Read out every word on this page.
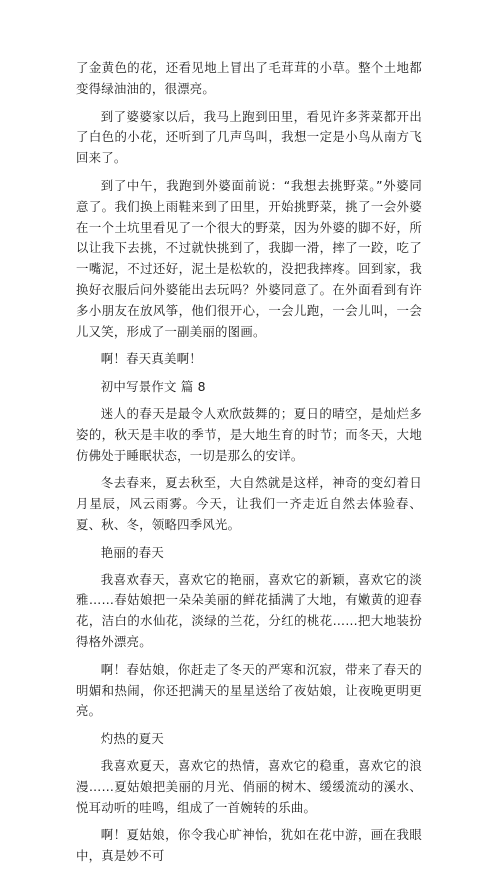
了金黄色的花，还看见地上冒出了毛茸茸的小草。整个土地都变得绿油油的，很漂亮。

到了婆婆家以后，我马上跑到田里，看见许多荠菜都开出了白色的小花，还听到了几声鸟叫，我想一定是小鸟从南方飞回来了。

到了中午，我跑到外婆面前说：“我想去挑野菜。”外婆同意了。我们换上雨鞋来到了田里，开始挑野菜，挑了一会外婆在一个土坑里看见了一个很大的野菜，因为外婆的脚不好，所以让我下去挑，不过就快挑到了，我脚一滑，摔了一跤，吃了一嘴泥，不过还好，泥土是松软的，没把我摔疼。回到家，我换好衣服后问外婆能出去玩吗？外婆同意了。在外面看到有许多小朋友在放风筝，他们很开心，一会儿跑，一会儿叫，一会儿又笑，形成了一副美丽的图画。

啊！春天真美啊！

初中写景作文 篇 8

迷人的春天是最令人欢欣鼓舞的；夏日的晴空，是灿烂多姿的，秋天是丰收的季节，是大地生育的时节；而冬天，大地仿佛处于睡眠状态，一切是那么的安详。

冬去春来，夏去秋至，大自然就是这样，神奇的变幻着日月星辰，风云雨雾。今天，让我们一齐走近自然去体验春、夏、秋、冬，领略四季风光。

艳丽的春天

我喜欢春天，喜欢它的艳丽，喜欢它的新颖，喜欢它的淡雅……春姑娘把一朵朵美丽的鲜花插满了大地，有嫩黄的迎春花，洁白的水仙花，淡绿的兰花，分红的桃花……把大地装扮得格外漂亮。

啊！春姑娘，你赶走了冬天的严寒和沉寂，带来了春天的明媚和热闹，你还把满天的星星送给了夜姑娘，让夜晚更明更亮。

灼热的夏天

我喜欢夏天，喜欢它的热情，喜欢它的稳重，喜欢它的浪漫……夏姑娘把美丽的月光、俏丽的树木、缓缓流动的溪水、悦耳动听的哇鸣，组成了一首婉转的乐曲。

啊！夏姑娘，你令我心旷神怡，犹如在花中游，画在我眼中，真是妙不可
